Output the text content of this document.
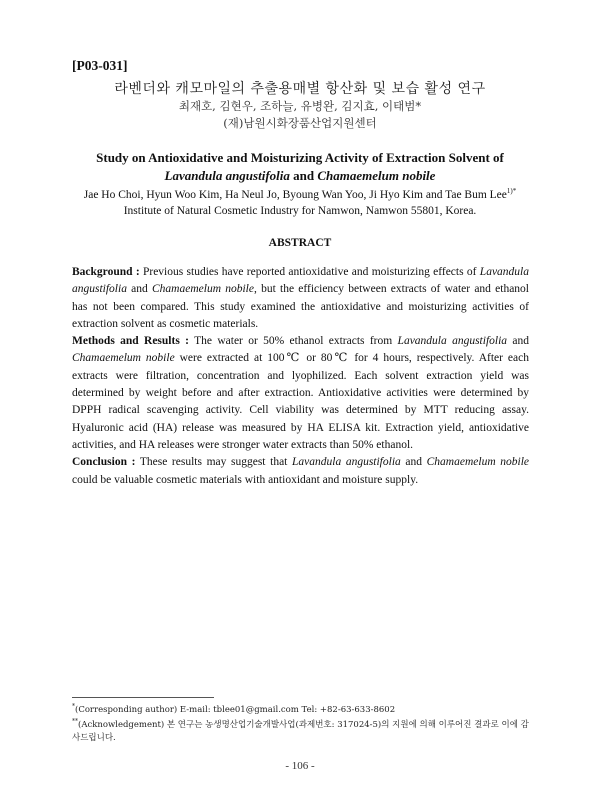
[P03-031]
라벤더와 캐모마일의 추출용매별 항산화 및 보습 활성 연구
최재호, 김현우, 조하늘, 유병완, 김지효, 이태범*
(재)남원시화장품산업지원센터
Study on Antioxidative and Moisturizing Activity of Extraction Solvent of
Lavandula angustifolia and Chamaemelum nobile
Jae Ho Choi, Hyun Woo Kim, Ha Neul Jo, Byoung Wan Yoo, Ji Hyo Kim and Tae Bum Lee$^{1)*}$
Institute of Natural Cosmetic Industry for Namwon, Namwon 55801, Korea.
ABSTRACT

Background : Previous studies have reported antioxidative and moisturizing effects of Lavandula angustifolia and Chamaemelum nobile, but the efficiency between extracts of water and ethanol has not been compared. This study examined the antioxidative and moisturizing activities of extraction solvent as cosmetic materials.

Methods and Results : The water or 50% ethanol extracts from Lavandula angustifolia and Chamaemelum nobile were extracted at 100℃ or 80℃ for 4 hours, respectively. After each extracts were filtration, concentration and lyophilized. Each solvent extraction yield was determined by weight before and after extraction. Antioxidative activities were determined by DPPH radical scavenging activity. Cell viability was determined by MTT reducing assay. Hyaluronic acid (HA) release was measured by HA ELISA kit. Extraction yield, antioxidative activities, and HA releases were stronger water extracts than 50% ethanol.

Conclusion : These results may suggest that Lavandula angustifolia and Chamaemelum nobile could be valuable cosmetic materials with antioxidant and moisture supply.

*(Corresponding author) E-mail: tblee01@gmail.com Tel: +82-63-633-8602

**(Acknowledgement) 본 연구는 농생명산업기술개발사업(과제번호: 317024-5)의 지원에 의해 이루어진 결과로 이에 감사드립니다.

- 106 -
